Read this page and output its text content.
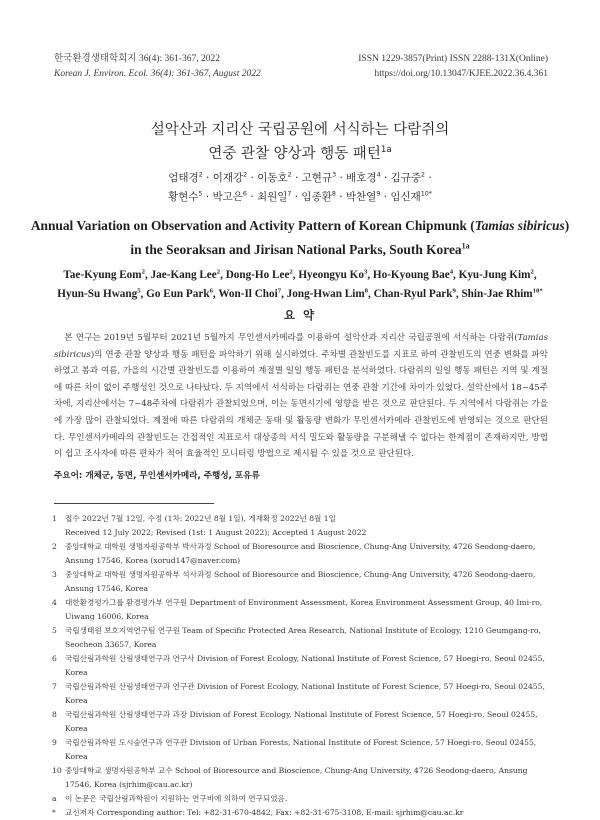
한국환경생태학회지 36(4): 361-367, 2022
Korean J. Environ. Ecol. 36(4): 361-367, August 2022
ISSN 1229-3857(Print) ISSN 2288-131X(Online)
https://doi.org/10.13047/KJEE.2022.36.4.361
설악산과 지리산 국립공원에 서식하는 다람쥐의
연중 관찰 양상과 행동 패턴$^{1a}$
엄태경$^2$ · 이재강$^2$ · 이동호$^2$ · 고현규$^3$ · 배호경$^4$ · 김규중$^2$ ·
황현수$^5$ · 박고은$^6$ · 최원일$^7$ · 임종환$^8$ · 박찬열$^9$ · 임신재$^{10*}$
Annual Variation on Observation and Activity Pattern of Korean Chipmunk (Tamias sibiricus)
in the Seoraksan and Jirisan National Parks, South Korea$^{1a}$
Tae-Kyung Eom$^2$, Jae-Kang Lee$^2$, Dong-Ho Lee$^2$, Hyeongyu Ko$^3$, Ho-Kyoung Bae$^4$, Kyu-Jung Kim$^2$,
Hyun-Su Hwang$^5$, Go Eun Park$^6$, Won-Il Choi$^7$, Jong-Hwan Lim$^8$, Chan-Ryul Park$^9$, Shin-Jae Rhim$^{10*}$
요 약
본 연구는 2019년 5월부터 2021년 5월까지 무인센서카메라를 이용하여 설악산과 지리산 국립공원에 서식하는 다람쥐(Tamias sibiricus)의 연중 관찰 양상과 행동 패턴을 파악하기 위해 실시하였다. 주차별 관찰빈도를 지표로 하여 관찰빈도의 연중 변화를 파악하였고 봄과 여름, 가을의 시간별 관찰빈도를 이용하여 계절별 일일 행동 패턴을 분석하였다. 다람쥐의 일일 행동 패턴은 지역 및 계절에 따른 차이 없이 주행성인 것으로 나타났다. 두 지역에서 서식하는 다람쥐는 연중 관찰 기간에 차이가 있었다. 설악산에서 18~45주차에, 지리산에서는 7~48주차에 다람쥐가 관찰되었으며, 이는 동면시기에 영향을 받은 것으로 판단된다. 두 지역에서 다람쥐는 가을에 가장 많이 관찰되었다. 계절에 따른 다람쥐의 개체군 동태 및 활동량 변화가 무인센서카메라 관찰빈도에 반영되는 것으로 판단된다. 무인센서카메라의 관찰빈도는 간접적인 지표로서 대상종의 서식 밀도와 활동량을 구분해낼 수 없다는 한계점이 존재하지만, 방법이 쉽고 조사자에 따른 편차가 적어 효율적인 모니터링 방법으로 제시될 수 있을 것으로 판단된다.
주요어: 개체군, 동면, 무인센서카메라, 주행성, 포유류
1 접수 2022년 7월 12일, 수정 (1차: 2022년 8월 1일), 게재확정 2022년 8월 1일
Received 12 July 2022; Revised (1st: 1 August 2022); Accepted 1 August 2022
2 중앙대학교 대학원 생명자원공학부 박사과정 School of Bioresource and Bioscience, Chung-Ang University, 4726 Seodong-daero,
Ansung 17546, Korea (xorud147@naver.com)
3 중앙대학교 대학원 생명자원공학부 석사과정 School of Bioresource and Bioscience, Chung-Ang University, 4726 Seodong-daero,
Ansung 17546, Korea
4 대한환경평가그룹 환경평가부 연구원 Department of Environment Assessment, Korea Environment Assessment Group, 40 Imi-ro,
Uiwang 16006, Korea
5 국립생태원 보호지역연구팀 연구원 Team of Specific Protected Area Research, National Institute of Ecology, 1210 Geumgang-ro,
Seocheon 33657, Korea
6 국립산림과학원 산림생태연구과 연구사 Division of Forest Ecology, National Institute of Forest Science, 57 Hoegi-ro, Seoul 02455, Korea
7 국립산림과학원 산림생태연구과 연구관 Division of Forest Ecology, National Institute of Forest Science, 57 Hoegi-ro, Seoul 02455, Korea
8 국립산림과학원 산림생태연구과 과장 Division of Forest Ecology, National Institute of Forest Science, 57 Hoegi-ro, Seoul 02455, Korea
9 국립산림과학원 도시숲연구과 연구관 Division of Urban Forests, National Institute of Forest Science, 57 Hoegi-ro, Seoul 02455, Korea
10 중앙대학교 생명자원공학부 교수 School of Bioresource and Bioscience, Chung-Ang University, 4726 Seodong-daero, Ansung
17546, Korea (sjrhim@cau.ac.kr)
a 이 논문은 국립산림과학원이 지원하는 연구비에 의하여 연구되었음.
* 교신저자 Corresponding author: Tel: +82-31-670-4842, Fax: +82-31-675-3108, E-mail: sjrhim@cau.ac.kr
